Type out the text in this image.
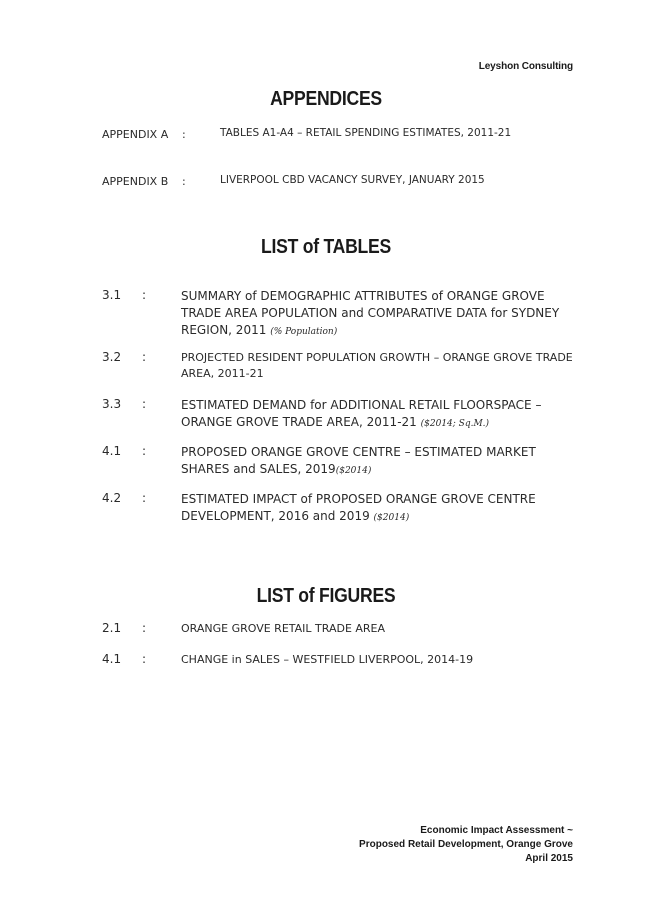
Leyshon Consulting
APPENDICES
APPENDIX A :	TABLES A1-A4 – RETAIL SPENDING ESTIMATES, 2011-21
APPENDIX B :	LIVERPOOL CBD VACANCY SURVEY, JANUARY 2015
LIST of TABLES
3.1 :	SUMMARY of DEMOGRAPHIC ATTRIBUTES of ORANGE GROVE TRADE AREA POPULATION and COMPARATIVE DATA for SYDNEY REGION, 2011 (% Population)
3.2 :	PROJECTED RESIDENT POPULATION GROWTH – ORANGE GROVE TRADE AREA, 2011-21
3.3 :	ESTIMATED DEMAND for ADDITIONAL RETAIL FLOORSPACE – ORANGE GROVE TRADE AREA, 2011-21 ($2014; Sq.M.)
4.1 :	PROPOSED ORANGE GROVE CENTRE – ESTIMATED MARKET SHARES and SALES, 2019($2014)
4.2 :	ESTIMATED IMPACT of PROPOSED ORANGE GROVE CENTRE DEVELOPMENT, 2016 and 2019 ($2014)
LIST of FIGURES
2.1 :	ORANGE GROVE RETAIL TRADE AREA
4.1 :	CHANGE in SALES – WESTFIELD LIVERPOOL, 2014-19
Economic Impact Assessment ~
Proposed Retail Development, Orange Grove
April 2015
